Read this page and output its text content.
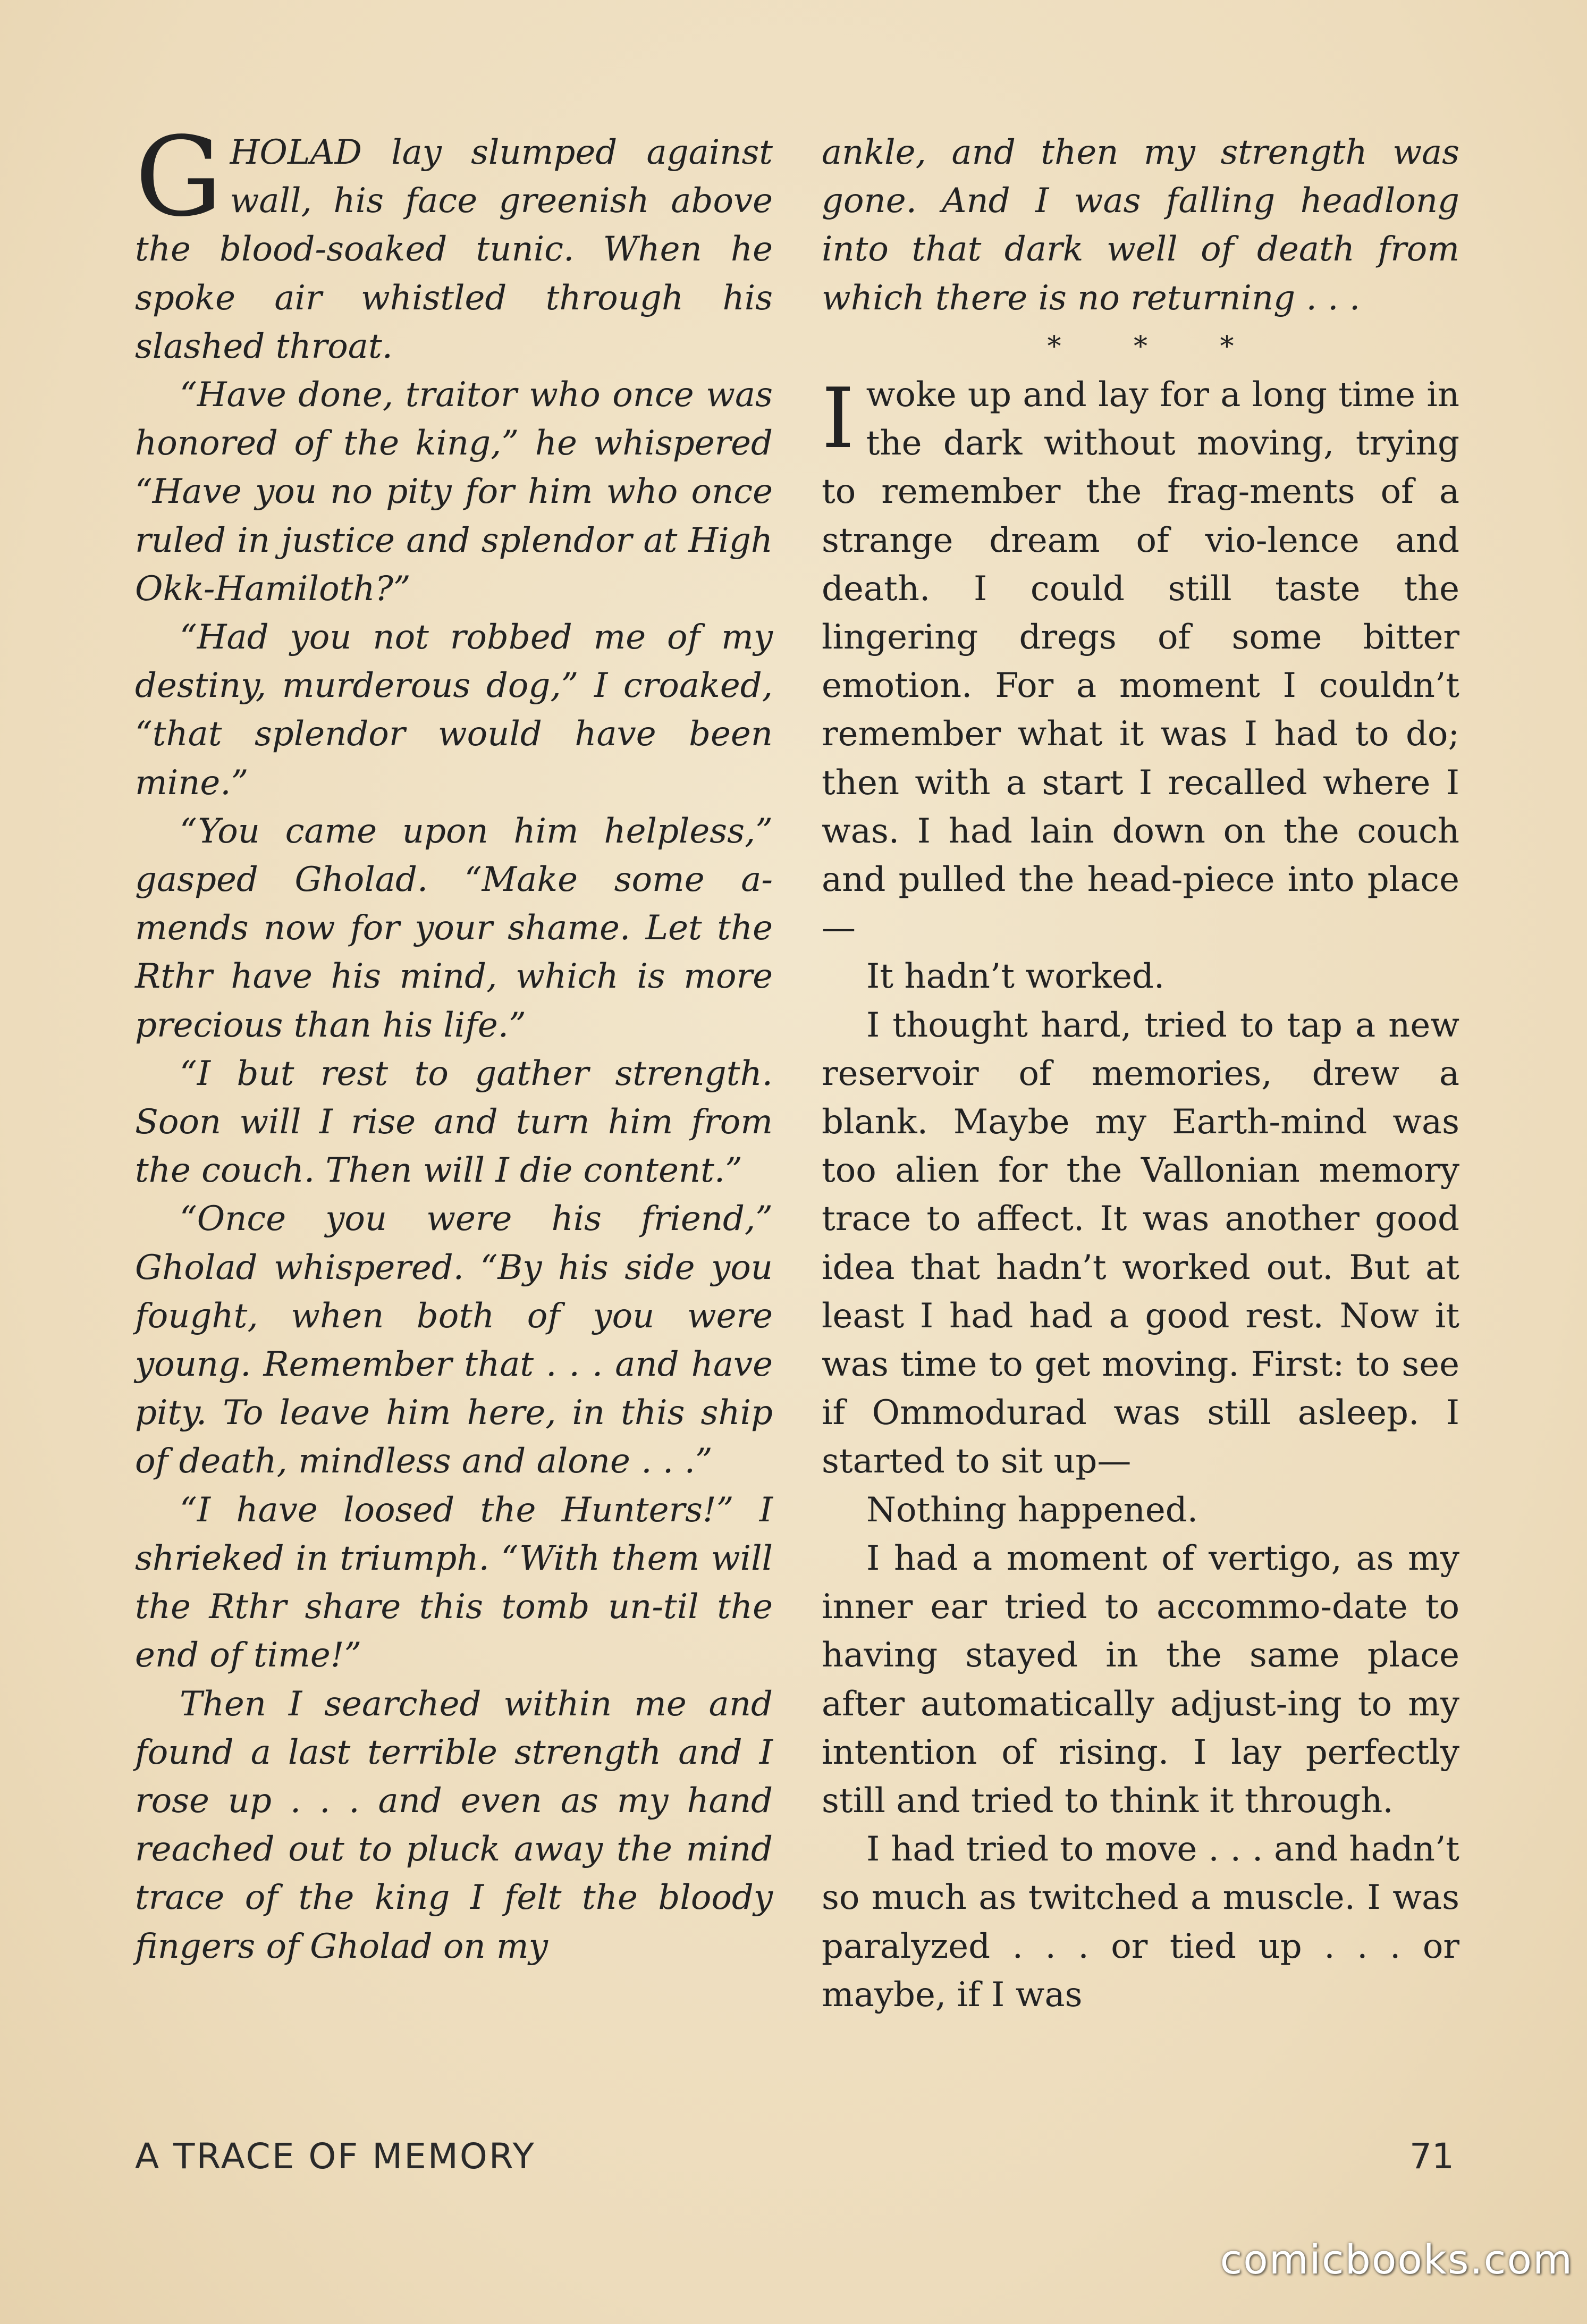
GHOLAD lay slumped against wall, his face greenish above the blood-soaked tunic. When he spoke air whistled through his slashed throat.

“Have done, traitor who once was honored of the king,” he whispered “Have you no pity for him who once ruled in justice and splendor at High Okk-Hamiloth?”

“Had you not robbed me of my destiny, murderous dog,” I croaked, “that splendor would have been mine.”

“You came upon him helpless,” gasped Gholad. “Make some a-mends now for your shame. Let the Rthr have his mind, which is more precious than his life.”

“I but rest to gather strength. Soon will I rise and turn him from the couch. Then will I die content.”

“Once you were his friend,” Gholad whispered. “By his side you fought, when both of you were young. Remember that . . . and have pity. To leave him here, in this ship of death, mindless and alone . . .”

“I have loosed the Hunters!” I shrieked in triumph. “With them will the Rthr share this tomb un-til the end of time!”

Then I searched within me and found a last terrible strength and I rose up . . . and even as my hand reached out to pluck away the mind trace of the king I felt the bloody fingers of Gholad on my

ankle, and then my strength was gone. And I was falling headlong into that dark well of death from which there is no returning . . .

* * *

Iwoke up and lay for a long time in the dark without moving, trying to remember the frag-ments of a strange dream of vio-lence and death. I could still taste the lingering dregs of some bitter emotion. For a moment I couldn’t remember what it was I had to do; then with a start I recalled where I was. I had lain down on the couch and pulled the head-piece into place—

It hadn’t worked.

I thought hard, tried to tap a new reservoir of memories, drew a blank. Maybe my Earth-mind was too alien for the Vallonian memory trace to affect. It was another good idea that hadn’t worked out. But at least I had had a good rest. Now it was time to get moving. First: to see if Ommodurad was still asleep. I started to sit up—

Nothing happened.

I had a moment of vertigo, as my inner ear tried to accommo-date to having stayed in the same place after automatically adjust-ing to my intention of rising. I lay perfectly still and tried to think it through.

I had tried to move . . . and hadn’t so much as twitched a muscle. I was paralyzed . . . or tied up . . . or maybe, if I was

A TRACE OF MEMORY	71
comicbooks.com
